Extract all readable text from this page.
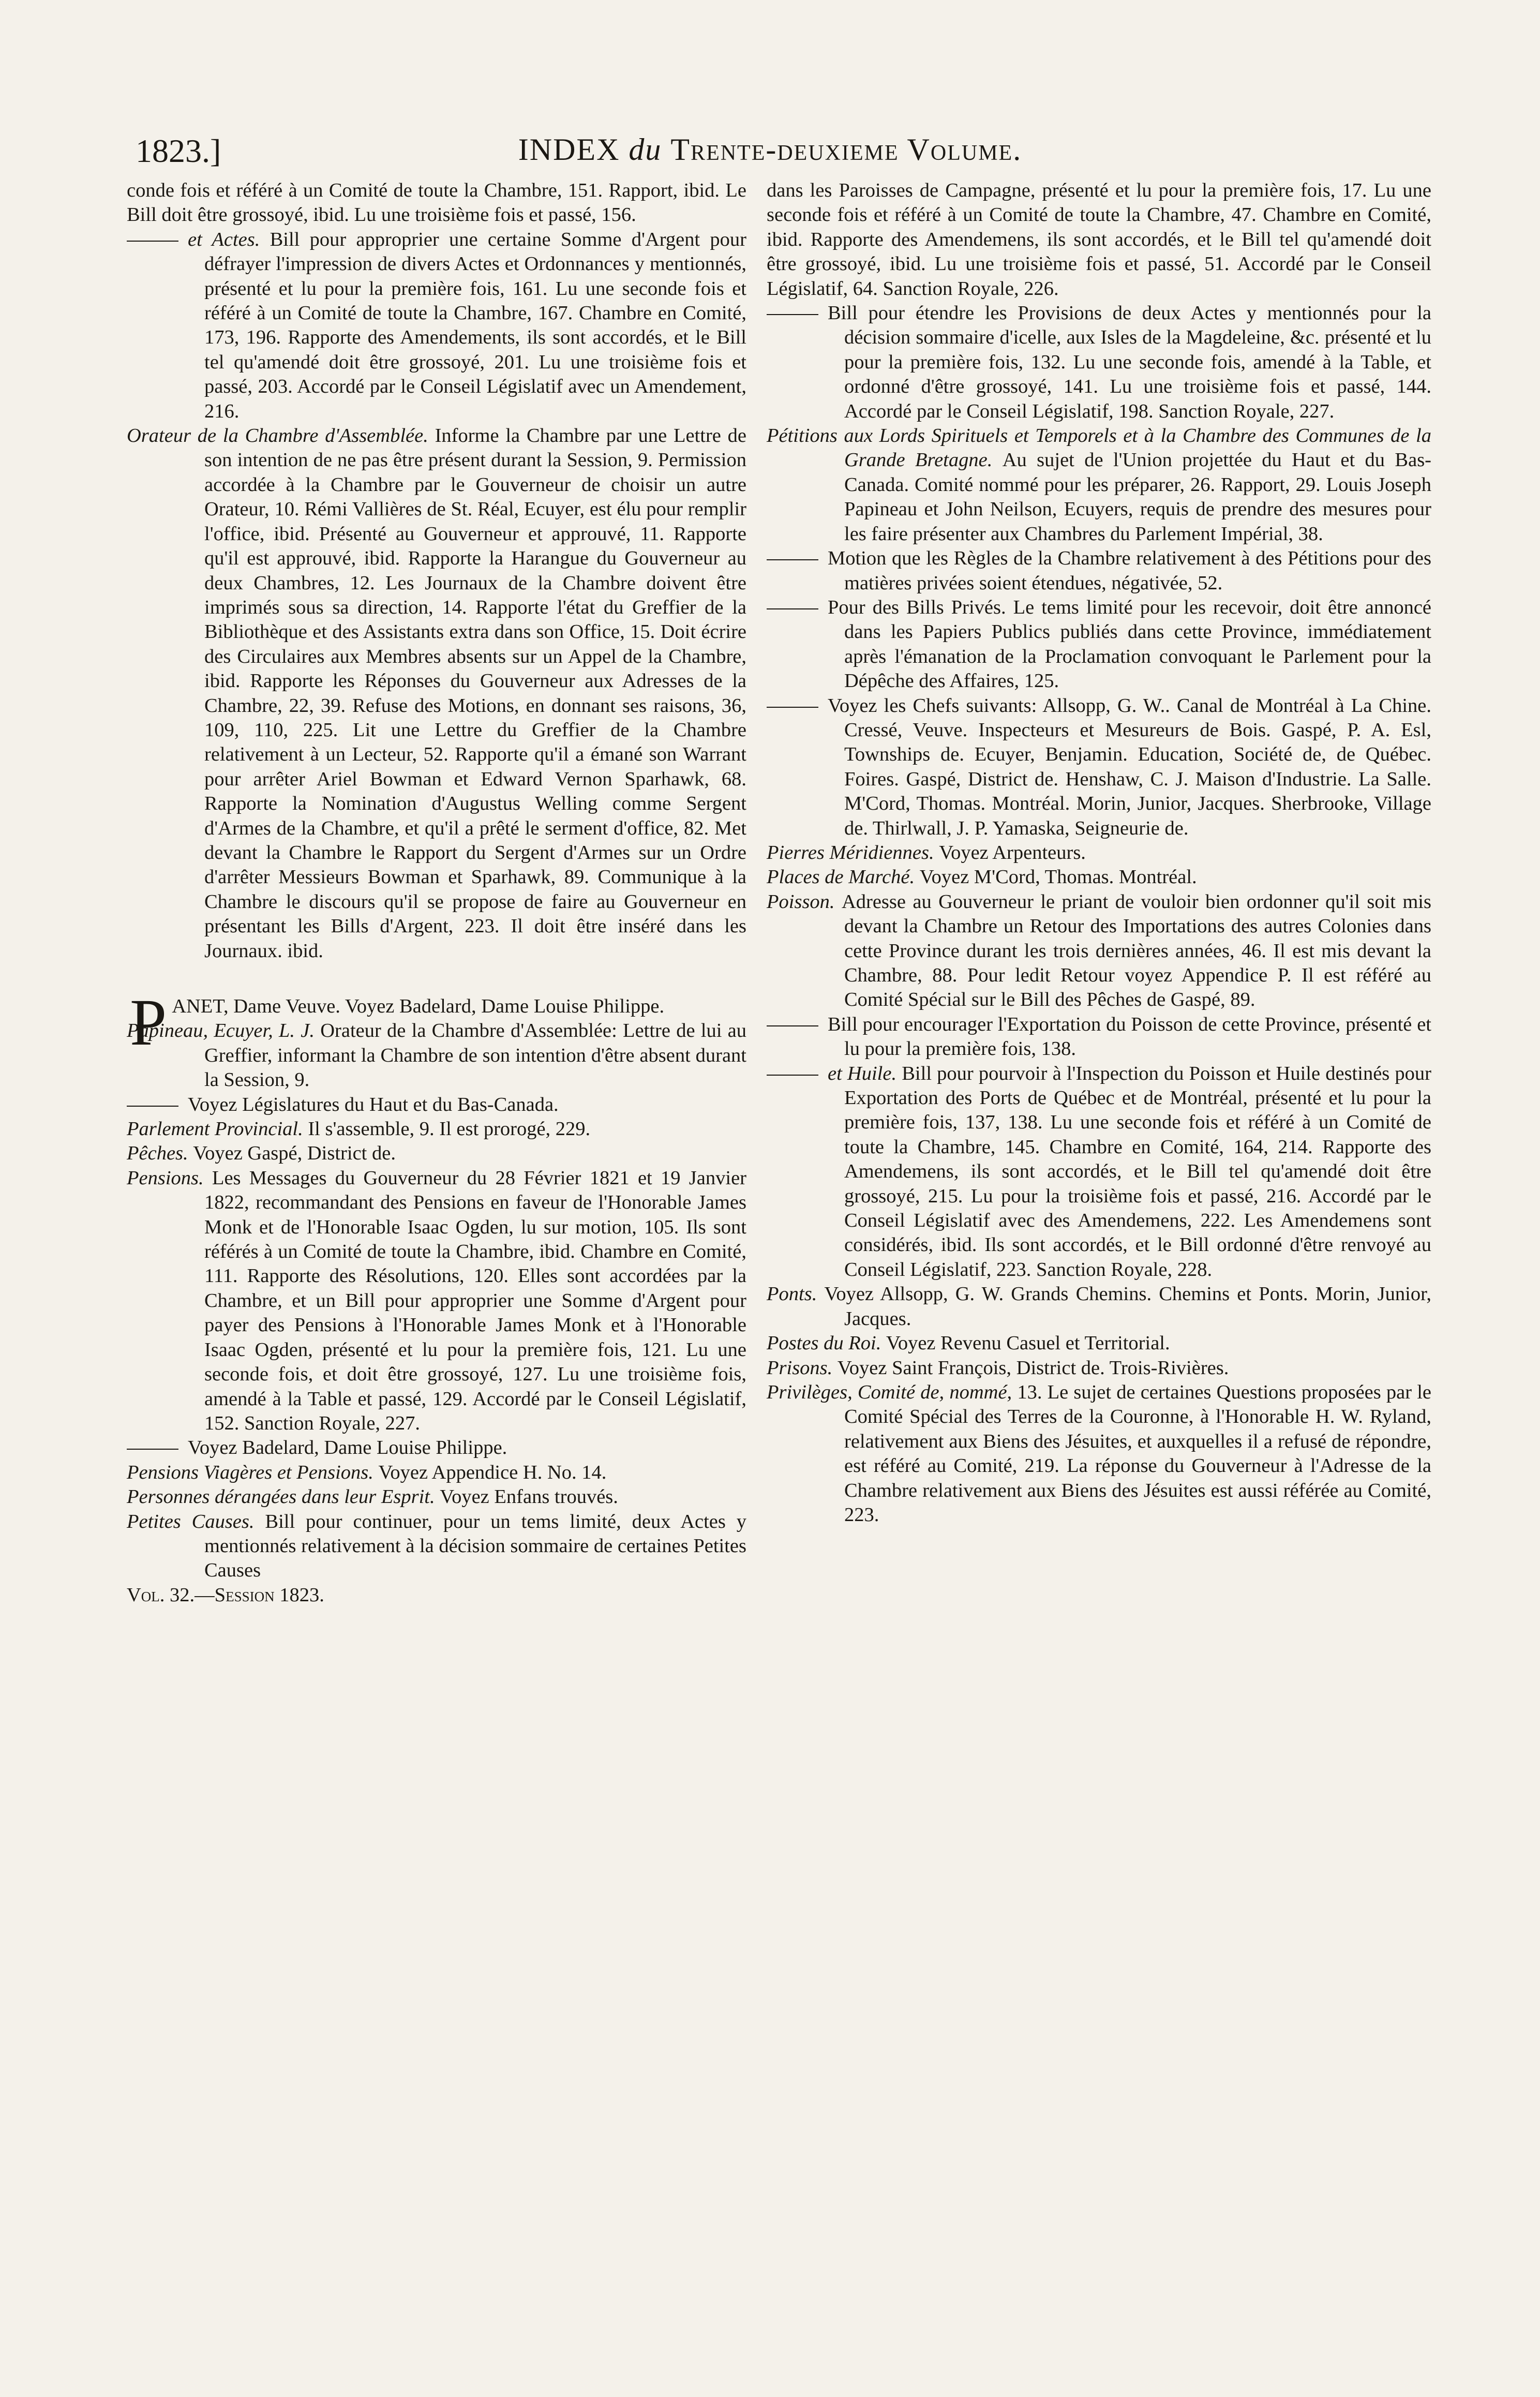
1823.]	INDEX du Trente-deuxieme Volume.

conde fois et référé à un Comité de toute la Chambre, 151. Rapport, ibid. Le Bill doit être grossoyé, ibid. Lu une troisième fois et passé, 156.

et Actes. Bill pour approprier une certaine Somme d'Argent pour défrayer l'impression de divers Actes et Ordonnances y mentionnés, présenté et lu pour la première fois, 161. Lu une seconde fois et référé à un Comité de toute la Chambre, 167. Chambre en Comité, 173, 196. Rapporte des Amendements, ils sont accordés, et le Bill tel qu'amendé doit être grossoyé, 201. Lu une troisième fois et passé, 203. Accordé par le Conseil Législatif avec un Amendement, 216.

Orateur de la Chambre d'Assemblée. Informe la Chambre par une Lettre de son intention de ne pas être présent durant la Session, 9. Permission accordée à la Chambre par le Gouverneur de choisir un autre Orateur, 10. Rémi Vallières de St. Réal, Ecuyer, est élu pour remplir l'office, ibid. Présenté au Gouverneur et approuvé, 11. Rapporte qu'il est approuvé, ibid. Rapporte la Harangue du Gouverneur au deux Chambres, 12. Les Journaux de la Chambre doivent être imprimés sous sa direction, 14. Rapporte l'état du Greffier de la Bibliothèque et des Assistants extra dans son Office, 15. Doit écrire des Circulaires aux Membres absents sur un Appel de la Chambre, ibid. Rapporte les Réponses du Gouverneur aux Adresses de la Chambre, 22, 39. Refuse des Motions, en donnant ses raisons, 36, 109, 110, 225. Lit une Lettre du Greffier de la Chambre relativement à un Lecteur, 52. Rapporte qu'il a émané son Warrant pour arrêter Ariel Bowman et Edward Vernon Sparhawk, 68. Rapporte la Nomination d'Augustus Welling comme Sergent d'Armes de la Chambre, et qu'il a prêté le serment d'office, 82. Met devant la Chambre le Rapport du Sergent d'Armes sur un Ordre d'arrêter Messieurs Bowman et Sparhawk, 89. Communique à la Chambre le discours qu'il se propose de faire au Gouverneur en présentant les Bills d'Argent, 223. Il doit être inséré dans les Journaux. ibid.

PANET, Dame Veuve. Voyez Badelard, Dame Louise Philippe.

Papineau, Ecuyer, L. J. Orateur de la Chambre d'Assemblée: Lettre de lui au Greffier, informant la Chambre de son intention d'être absent durant la Session, 9.

Voyez Législatures du Haut et du Bas-Canada.

Parlement Provincial. Il s'assemble, 9. Il est prorogé, 229.

Pêches. Voyez Gaspé, District de.

Pensions. Les Messages du Gouverneur du 28 Février 1821 et 19 Janvier 1822, recommandant des Pensions en faveur de l'Honorable James Monk et de l'Honorable Isaac Ogden, lu sur motion, 105. Ils sont référés à un Comité de toute la Chambre, ibid. Chambre en Comité, 111. Rapporte des Résolutions, 120. Elles sont accordées par la Chambre, et un Bill pour approprier une Somme d'Argent pour payer des Pensions à l'Honorable James Monk et à l'Honorable Isaac Ogden, présenté et lu pour la première fois, 121. Lu une seconde fois, et doit être grossoyé, 127. Lu une troisième fois, amendé à la Table et passé, 129. Accordé par le Conseil Législatif, 152. Sanction Royale, 227.

Voyez Badelard, Dame Louise Philippe.

Pensions Viagères et Pensions. Voyez Appendice H. No. 14.

Personnes dérangées dans leur Esprit. Voyez Enfans trouvés.

Petites Causes. Bill pour continuer, pour un tems limité, deux Actes y mentionnés relativement à la décision sommaire de certaines Petites Causes

Vol. 32.—Session 1823.

dans les Paroisses de Campagne, présenté et lu pour la première fois, 17. Lu une seconde fois et référé à un Comité de toute la Chambre, 47. Chambre en Comité, ibid. Rapporte des Amendemens, ils sont accordés, et le Bill tel qu'amendé doit être grossoyé, ibid. Lu une troisième fois et passé, 51. Accordé par le Conseil Législatif, 64. Sanction Royale, 226.

Bill pour étendre les Provisions de deux Actes y mentionnés pour la décision sommaire d'icelle, aux Isles de la Magdeleine, &c. présenté et lu pour la première fois, 132. Lu une seconde fois, amendé à la Table, et ordonné d'être grossoyé, 141. Lu une troisième fois et passé, 144. Accordé par le Conseil Législatif, 198. Sanction Royale, 227.

Pétitions aux Lords Spirituels et Temporels et à la Chambre des Communes de la Grande Bretagne. Au sujet de l'Union projettée du Haut et du Bas-Canada. Comité nommé pour les préparer, 26. Rapport, 29. Louis Joseph Papineau et John Neilson, Ecuyers, requis de prendre des mesures pour les faire présenter aux Chambres du Parlement Impérial, 38.

Motion que les Règles de la Chambre relativement à des Pétitions pour des matières privées soient étendues, négativée, 52.

Pour des Bills Privés. Le tems limité pour les recevoir, doit être annoncé dans les Papiers Publics publiés dans cette Province, immédiatement après l'émanation de la Proclamation convoquant le Parlement pour la Dépêche des Affaires, 125.

Voyez les Chefs suivants: Allsopp, G. W.. Canal de Montréal à La Chine. Cressé, Veuve. Inspecteurs et Mesureurs de Bois. Gaspé, P. A. Esl, Townships de. Ecuyer, Benjamin. Education, Société de, de Québec. Foires. Gaspé, District de. Henshaw, C. J. Maison d'Industrie. La Salle. M'Cord, Thomas. Montréal. Morin, Junior, Jacques. Sherbrooke, Village de. Thirlwall, J. P. Yamaska, Seigneurie de.

Pierres Méridiennes. Voyez Arpenteurs.

Places de Marché. Voyez M'Cord, Thomas. Montréal.

Poisson. Adresse au Gouverneur le priant de vouloir bien ordonner qu'il soit mis devant la Chambre un Retour des Importations des autres Colonies dans cette Province durant les trois dernières années, 46. Il est mis devant la Chambre, 88. Pour ledit Retour voyez Appendice P. Il est référé au Comité Spécial sur le Bill des Pêches de Gaspé, 89.

Bill pour encourager l'Exportation du Poisson de cette Province, présenté et lu pour la première fois, 138.

et Huile. Bill pour pourvoir à l'Inspection du Poisson et Huile destinés pour Exportation des Ports de Québec et de Montréal, présenté et lu pour la première fois, 137, 138. Lu une seconde fois et référé à un Comité de toute la Chambre, 145. Chambre en Comité, 164, 214. Rapporte des Amendemens, ils sont accordés, et le Bill tel qu'amendé doit être grossoyé, 215. Lu pour la troisième fois et passé, 216. Accordé par le Conseil Législatif avec des Amendemens, 222. Les Amendemens sont considérés, ibid. Ils sont accordés, et le Bill ordonné d'être renvoyé au Conseil Législatif, 223. Sanction Royale, 228.

Ponts. Voyez Allsopp, G. W. Grands Chemins. Chemins et Ponts. Morin, Junior, Jacques.

Postes du Roi. Voyez Revenu Casuel et Territorial.

Prisons. Voyez Saint François, District de. Trois-Rivières.

Privilèges, Comité de, nommé, 13. Le sujet de certaines Questions proposées par le Comité Spécial des Terres de la Couronne, à l'Honorable H. W. Ryland, relativement aux Biens des Jésuites, et auxquelles il a refusé de répondre, est référé au Comité, 219. La réponse du Gouverneur à l'Adresse de la Chambre relativement aux Biens des Jésuites est aussi référée au Comité, 223.
